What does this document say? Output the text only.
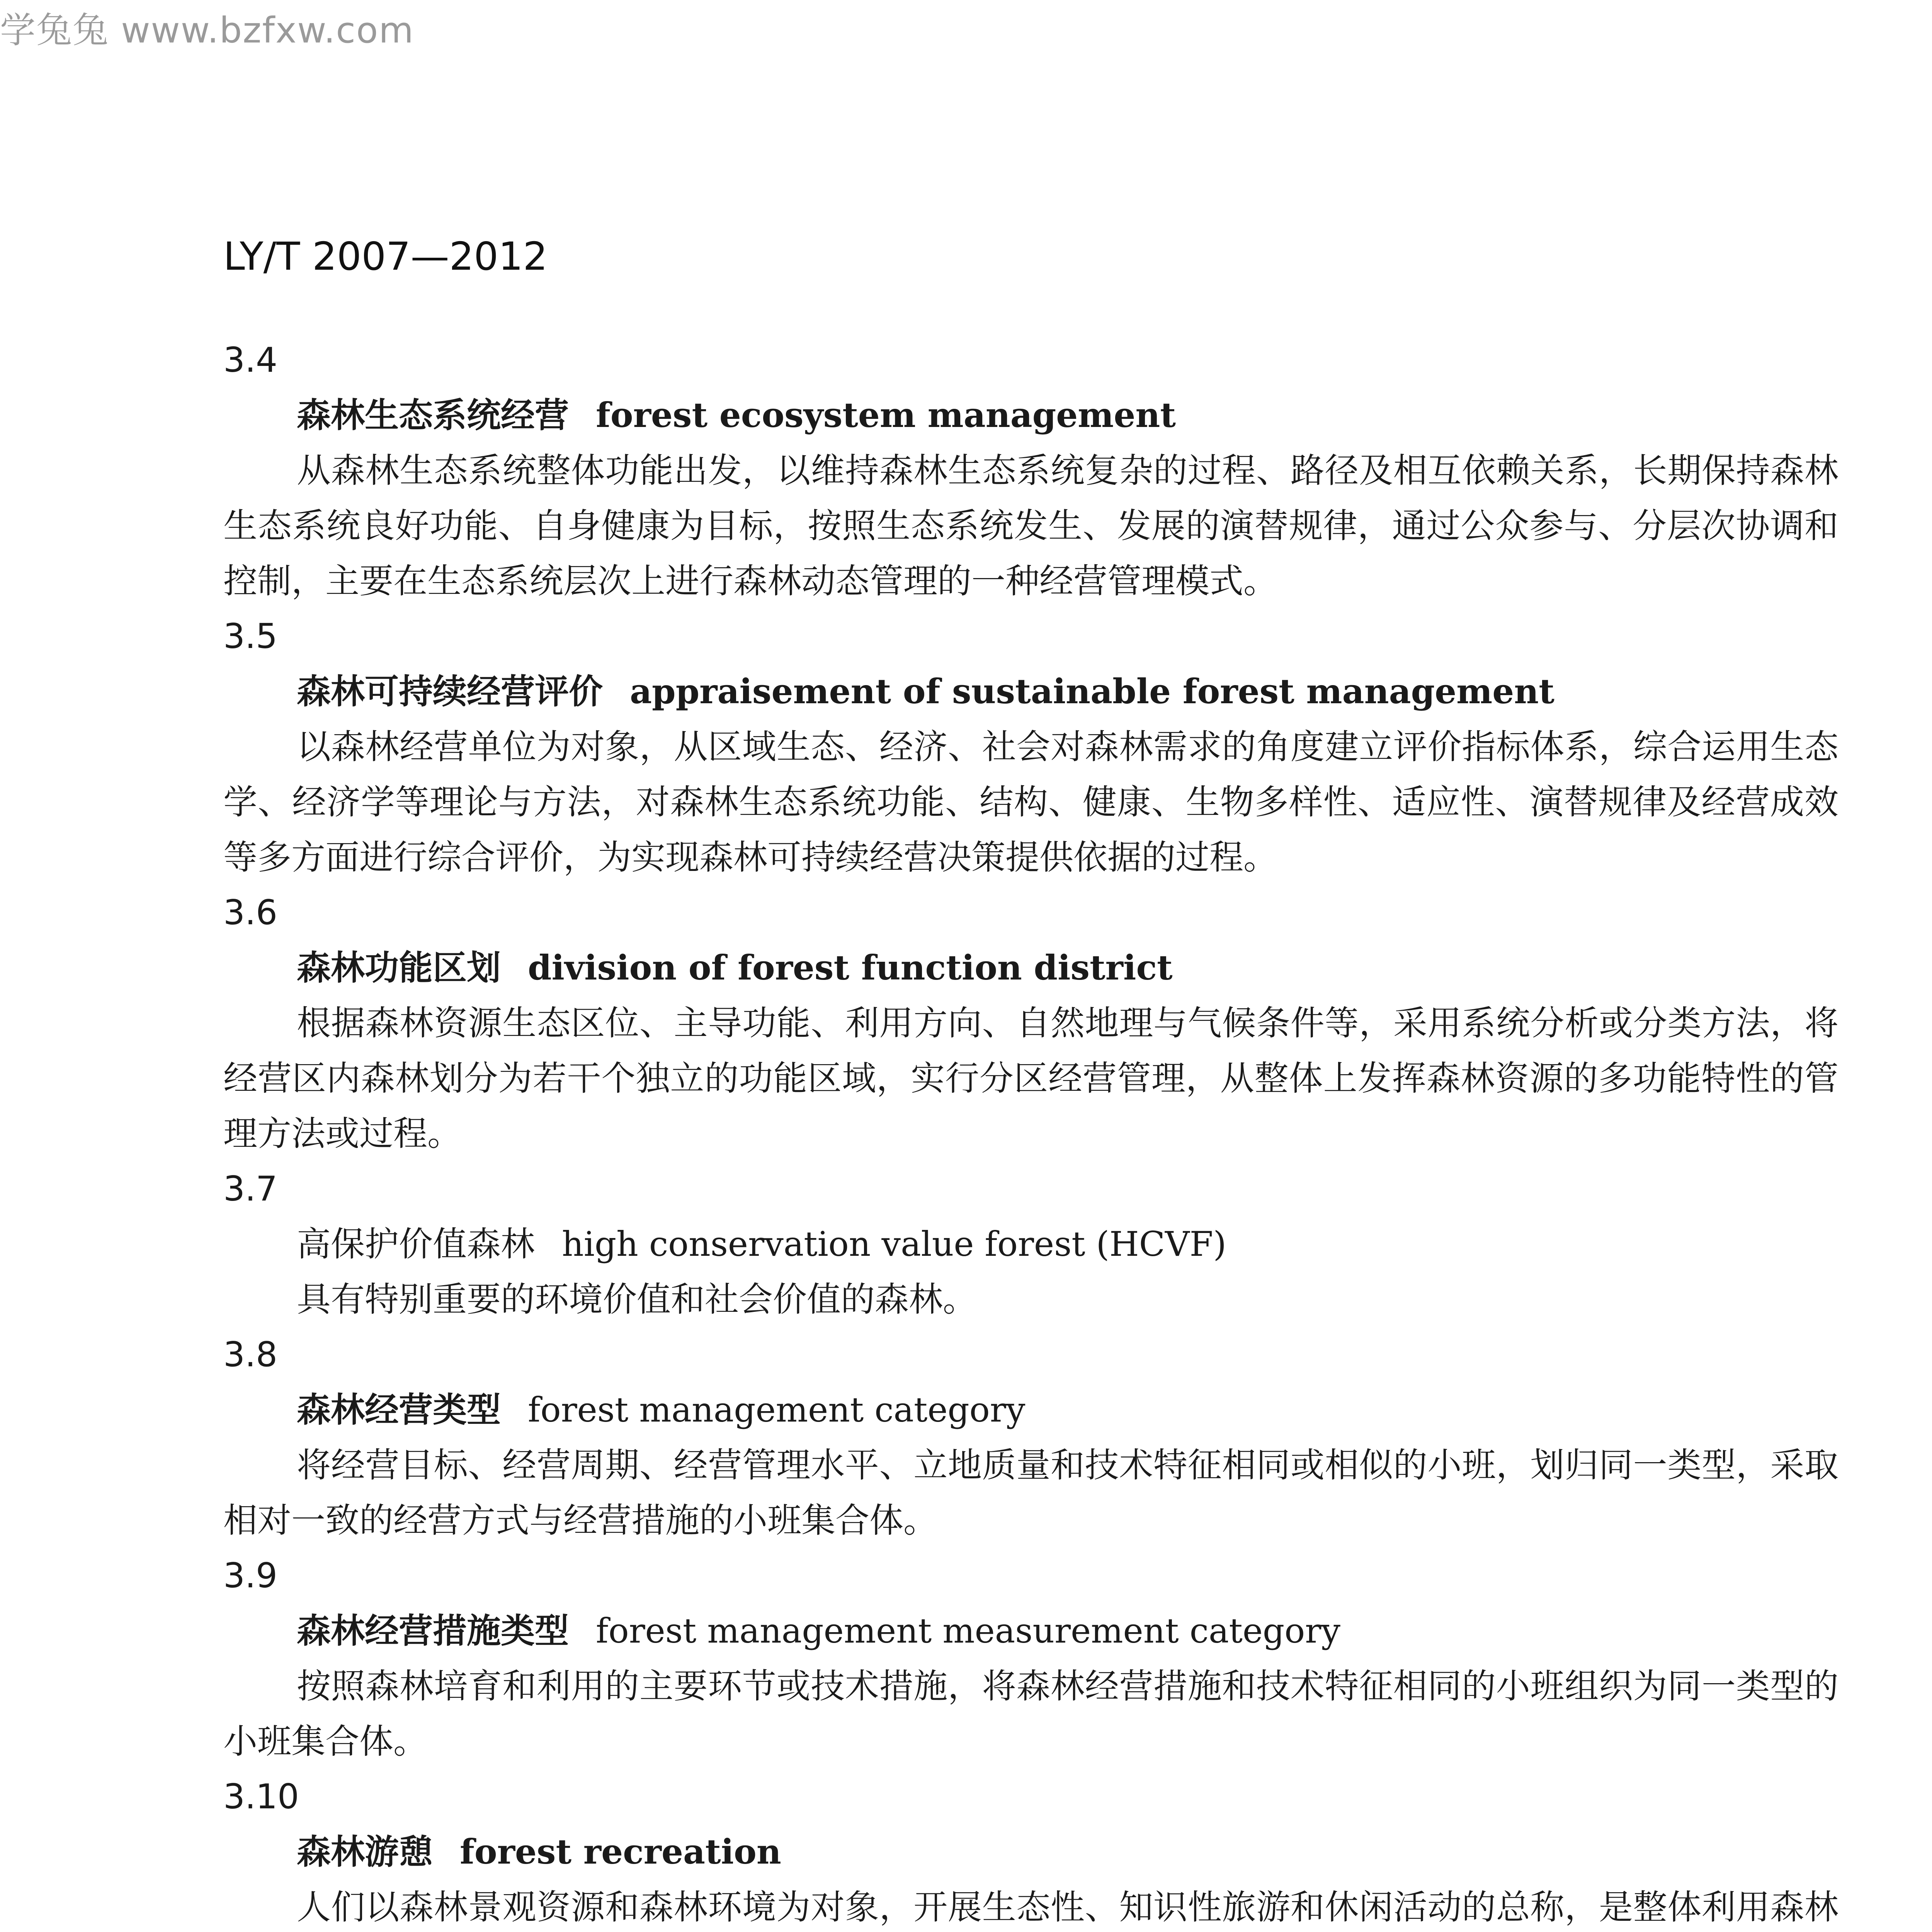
学兔兔 www.bzfxw.com
LY/T 2007—2012

3.4

森林生态系统经营 forest ecosystem management

从森林生态系统整体功能出发，以维持森林生态系统复杂的过程、路径及相互依赖关系，长期保持森林生态系统良好功能、自身健康为目标，按照生态系统发生、发展的演替规律，通过公众参与、分层次协调和控制，主要在生态系统层次上进行森林动态管理的一种经营管理模式。

3.5

森林可持续经营评价 appraisement of sustainable forest management

以森林经营单位为对象，从区域生态、经济、社会对森林需求的角度建立评价指标体系，综合运用生态学、经济学等理论与方法，对森林生态系统功能、结构、健康、生物多样性、适应性、演替规律及经营成效等多方面进行综合评价，为实现森林可持续经营决策提供依据的过程。

3.6

森林功能区划 division of forest function district

根据森林资源生态区位、主导功能、利用方向、自然地理与气候条件等，采用系统分析或分类方法，将经营区内森林划分为若干个独立的功能区域，实行分区经营管理，从整体上发挥森林资源的多功能特性的管理方法或过程。

3.7

高保护价值森林 high conservation value forest (HCVF)

具有特别重要的环境价值和社会价值的森林。

3.8

森林经营类型 forest management category

将经营目标、经营周期、经营管理水平、立地质量和技术特征相同或相似的小班，划归同一类型，采取相对一致的经营方式与经营措施的小班集合体。

3.9

森林经营措施类型 forest management measurement category

按照森林培育和利用的主要环节或技术措施，将森林经营措施和技术特征相同的小班组织为同一类型的小班集合体。

3.10

森林游憩 forest recreation

人们以森林景观资源和森林环境为对象，开展生态性、知识性旅游和休闲活动的总称，是整体利用森林
